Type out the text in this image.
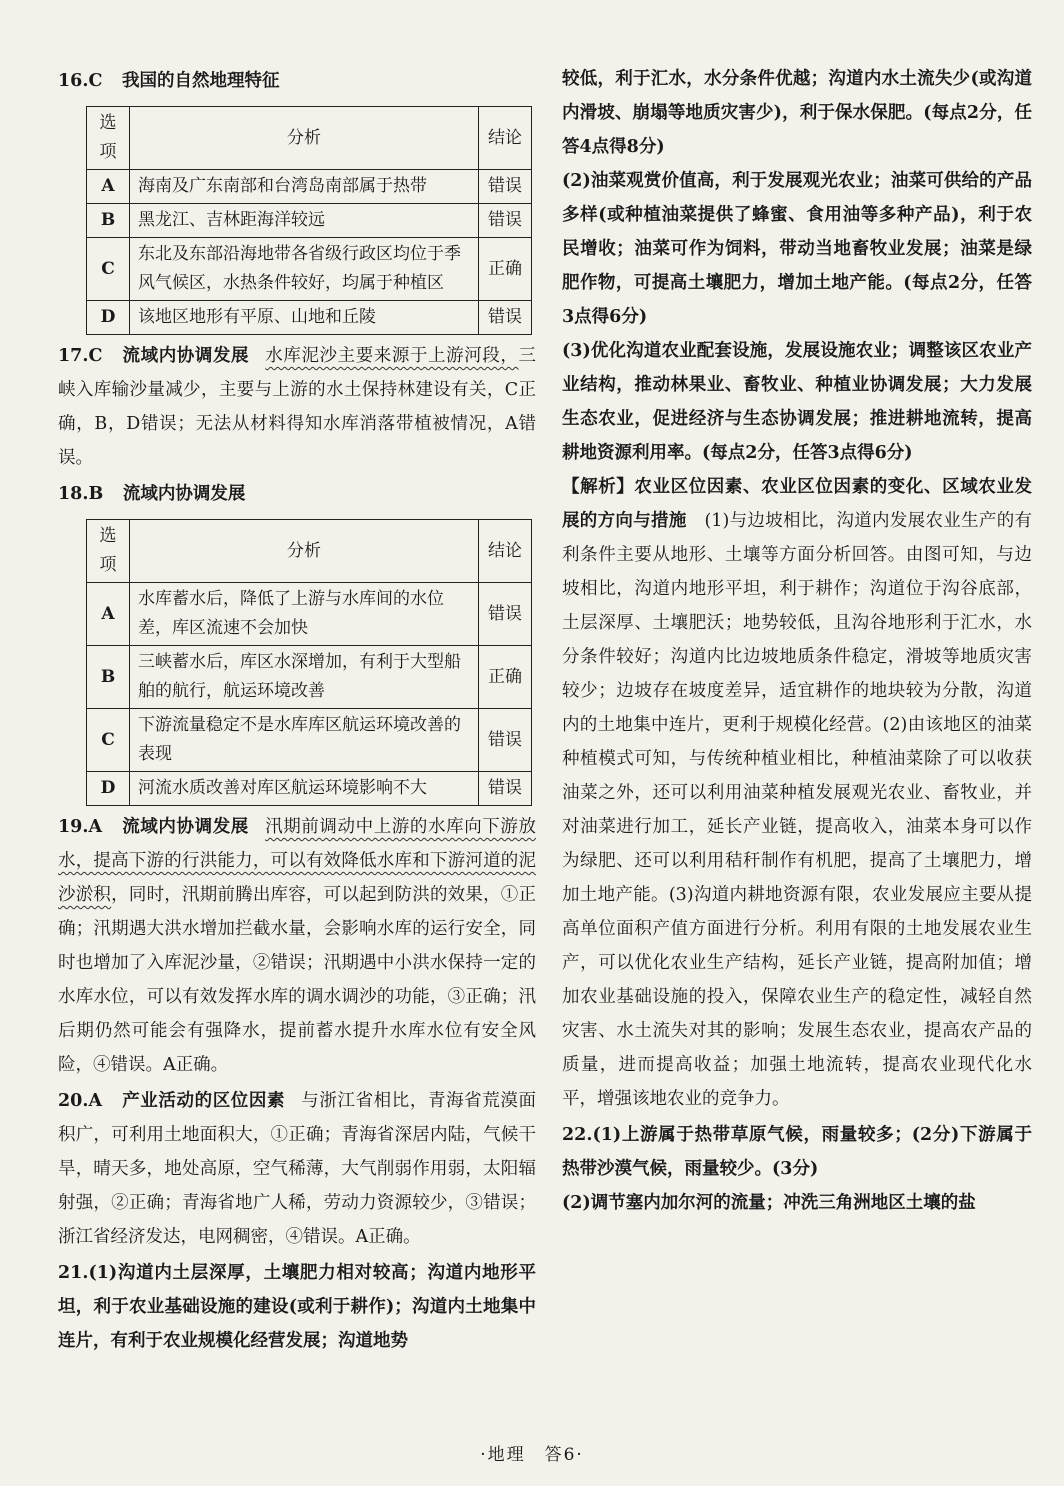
16.C 我国的自然地理特征

选项	分析	结论
A	海南及广东南部和台湾岛南部属于热带	错误
B	黑龙江、吉林距海洋较远	错误
C	东北及东部沿海地带各省级行政区均位于季风气候区，水热条件较好，均属于种植区	正确
D	该地区地形有平原、山地和丘陵	错误

17.C 流域内协调发展 水库泥沙主要来源于上游河段，三峡入库输沙量减少，主要与上游的水土保持林建设有关，C正确，B，D错误；无法从材料得知水库消落带植被情况，A错误。

18.B 流域内协调发展

选项	分析	结论
A	水库蓄水后，降低了上游与水库间的水位差，库区流速不会加快	错误
B	三峡蓄水后，库区水深增加，有利于大型船舶的航行，航运环境改善	正确
C	下游流量稳定不是水库库区航运环境改善的表现	错误
D	河流水质改善对库区航运环境影响不大	错误

19.A 流域内协调发展 汛期前调动中上游的水库向下游放水，提高下游的行洪能力，可以有效降低水库和下游河道的泥沙淤积，同时，汛期前腾出库容，可以起到防洪的效果，①正确；汛期遇大洪水增加拦截水量，会影响水库的运行安全，同时也增加了入库泥沙量，②错误；汛期遇中小洪水保持一定的水库水位，可以有效发挥水库的调水调沙的功能，③正确；汛后期仍然可能会有强降水，提前蓄水提升水库水位有安全风险，④错误。A正确。

20.A 产业活动的区位因素 与浙江省相比，青海省荒漠面积广，可利用土地面积大，①正确；青海省深居内陆，气候干旱，晴天多，地处高原，空气稀薄，大气削弱作用弱，太阳辐射强，②正确；青海省地广人稀，劳动力资源较少，③错误；浙江省经济发达，电网稠密，④错误。A正确。

21.(1)沟道内土层深厚，土壤肥力相对较高；沟道内地形平坦，利于农业基础设施的建设(或利于耕作)；沟道内土地集中连片，有利于农业规模化经营发展；沟道地势

较低，利于汇水，水分条件优越；沟道内水土流失少(或沟道内滑坡、崩塌等地质灾害少)，利于保水保肥。(每点2分，任答4点得8分)

(2)油菜观赏价值高，利于发展观光农业；油菜可供给的产品多样(或种植油菜提供了蜂蜜、食用油等多种产品)，利于农民增收；油菜可作为饲料，带动当地畜牧业发展；油菜是绿肥作物，可提高土壤肥力，增加土地产能。(每点2分，任答3点得6分)

(3)优化沟道农业配套设施，发展设施农业；调整该区农业产业结构，推动林果业、畜牧业、种植业协调发展；大力发展生态农业，促进经济与生态协调发展；推进耕地流转，提高耕地资源利用率。(每点2分，任答3点得6分)

【解析】农业区位因素、农业区位因素的变化、区域农业发展的方向与措施　 (1)与边坡相比，沟道内发展农业生产的有利条件主要从地形、土壤等方面分析回答。由图可知，与边坡相比，沟道内地形平坦，利于耕作；沟道位于沟谷底部，土层深厚、土壤肥沃；地势较低，且沟谷地形利于汇水，水分条件较好；沟道内比边坡地质条件稳定，滑坡等地质灾害较少；边坡存在坡度差异，适宜耕作的地块较为分散，沟道内的土地集中连片，更利于规模化经营。(2)由该地区的油菜种植模式可知，与传统种植业相比，种植油菜除了可以收获油菜之外，还可以利用油菜种植发展观光农业、畜牧业，并对油菜进行加工，延长产业链，提高收入，油菜本身可以作为绿肥、还可以利用秸秆制作有机肥，提高了土壤肥力，增加土地产能。(3)沟道内耕地资源有限，农业发展应主要从提高单位面积产值方面进行分析。利用有限的土地发展农业生产，可以优化农业生产结构，延长产业链，提高附加值；增加农业基础设施的投入，保障农业生产的稳定性，减轻自然灾害、水土流失对其的影响；发展生态农业，提高农产品的质量，进而提高收益；加强土地流转，提高农业现代化水平，增强该地农业的竞争力。

22.(1)上游属于热带草原气候，雨量较多；(2分)下游属于热带沙漠气候，雨量较少。(3分)

(2)调节塞内加尔河的流量；冲洗三角洲地区土壤的盐

·地理　答6·
